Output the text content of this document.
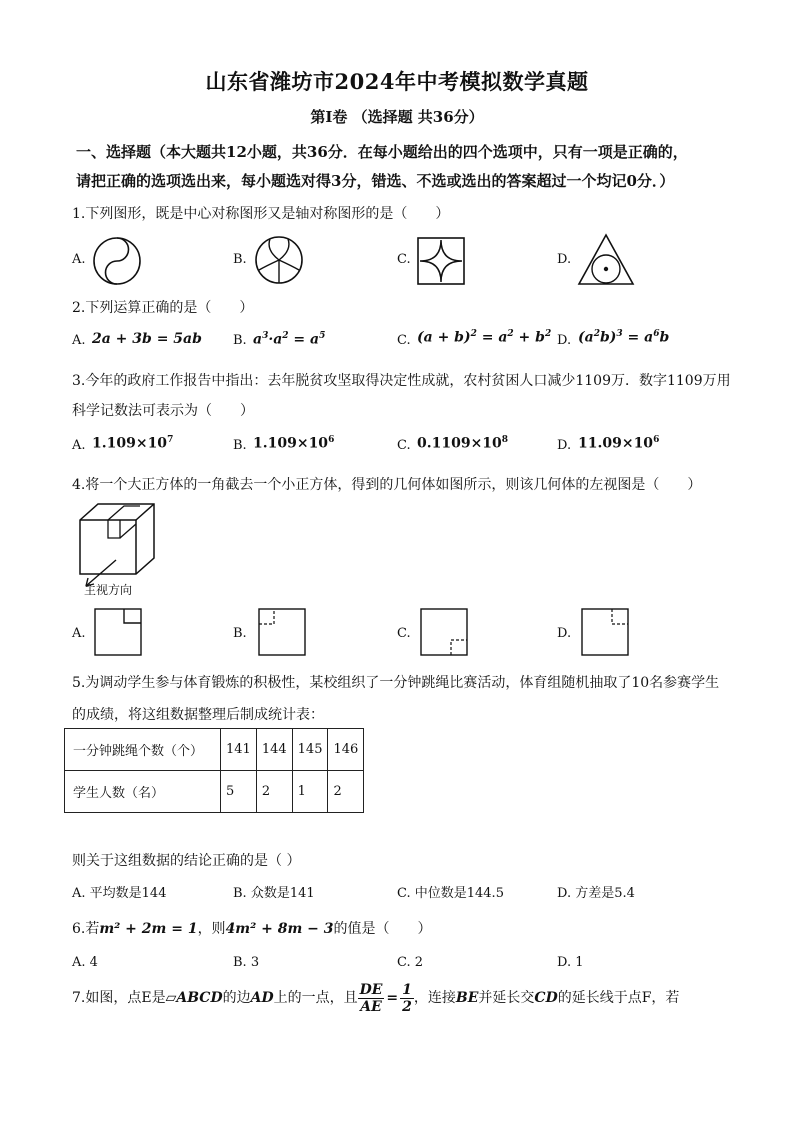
山东省潍坊市2024年中考模拟数学真题
第Ⅰ卷 （选择题 共36分）
一、选择题（本大题共12小题，共36分．在每小题给出的四个选项中，只有一项是正确的，
请把正确的选项选出来，每小题选对得3分，错选、不选或选出的答案超过一个均记0分．）
1.下列图形，既是中心对称图形又是轴对称图形的是（　　）
A.	B.	C.	D.
2.下列运算正确的是（　　）
A. 2a + 3b = 5ab B. $a^3\cdot a^2 = a^5$	C. $(a + b)^2 = a^2 + b^2$ D. $(a^2b)^3 = a^6b$
3.今年的政府工作报告中指出：去年脱贫攻坚取得决定性成就，农村贫困人口减少1109万．数字1109万用
科学记数法可表示为（　　）
A. $1.109\times 10^7$	B. $1.109\times 10^6$	C. $0.1109\times 10^8$	D. $11.09\times 10^6$
4.将一个大正方体的一角截去一个小正方体，得到的几何体如图所示，则该几何体的左视图是（　　）
主视方向
A.	B.	C.	D.
5.为调动学生参与体育锻炼的积极性，某校组织了一分钟跳绳比赛活动，体育组随机抽取了10名参赛学生
的成绩，将这组数据整理后制成统计表：
一分钟跳绳个数（个）	141	144	145	146
学生人数（名）	5	2	1	2
则关于这组数据的结论正确的是（ ）
A. 平均数是144	B. 众数是141	C. 中位数是144.5	D. 方差是5.4
6.若m² + 2m = 1，则4m² + 8m − 3的值是（　　）
A. 4	B. 3	C. 2	D. 1
7.如图，点E是▱ABCD的边AD上的一点，且 $\frac{DE}{AE} = \frac{1}{2}$ ，连接BE并延长交CD的延长线于点F，若
